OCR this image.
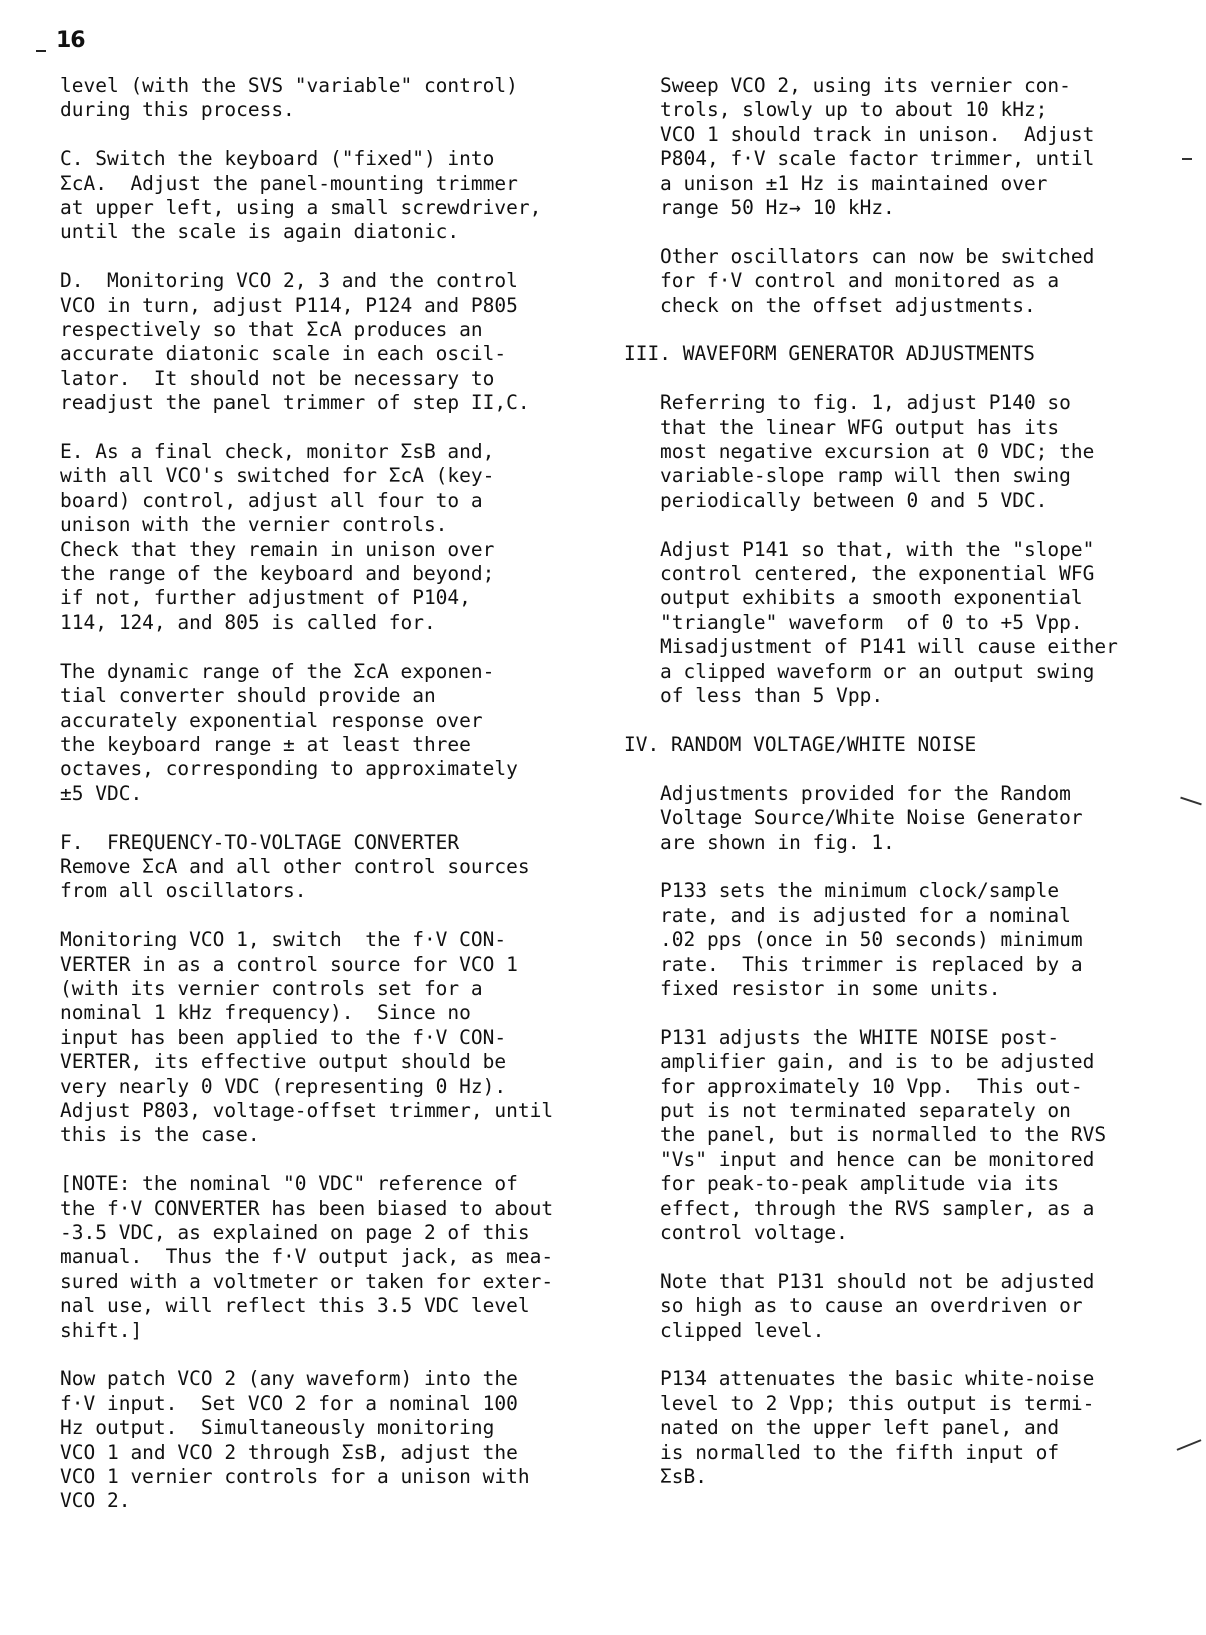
16

level (with the SVS "variable" control)
during this process.

C. Switch the keyboard ("fixed") into
ΣcA.  Adjust the panel-mounting trimmer
at upper left, using a small screwdriver,
until the scale is again diatonic.

D.  Monitoring VCO 2, 3 and the control
VCO in turn, adjust P114, P124 and P805
respectively so that ΣcA produces an
accurate diatonic scale in each oscil-
lator.  It should not be necessary to
readjust the panel trimmer of step II,C.

E. As a final check, monitor ΣsB and,
with all VCO's switched for ΣcA (key-
board) control, adjust all four to a
unison with the vernier controls.
Check that they remain in unison over
the range of the keyboard and beyond;
if not, further adjustment of P104,
114, 124, and 805 is called for.

The dynamic range of the ΣcA exponen-
tial converter should provide an
accurately exponential response over
the keyboard range ± at least three
octaves, corresponding to approximately
±5 VDC.

F.  FREQUENCY-TO-VOLTAGE CONVERTER
Remove ΣcA and all other control sources
from all oscillators.

Monitoring VCO 1, switch  the f·V CON-
VERTER in as a control source for VCO 1
(with its vernier controls set for a
nominal 1 kHz frequency).  Since no
input has been applied to the f·V CON-
VERTER, its effective output should be
very nearly 0 VDC (representing 0 Hz).
Adjust P803, voltage-offset trimmer, until
this is the case.

[NOTE: the nominal "0 VDC" reference of
the f·V CONVERTER has been biased to about
-3.5 VDC, as explained on page 2 of this
manual.  Thus the f·V output jack, as mea-
sured with a voltmeter or taken for exter-
nal use, will reflect this 3.5 VDC level
shift.]

Now patch VCO 2 (any waveform) into the
f·V input.  Set VCO 2 for a nominal 100
Hz output.  Simultaneously monitoring
VCO 1 and VCO 2 through ΣsB, adjust the
VCO 1 vernier controls for a unison with
VCO 2.

Sweep VCO 2, using its vernier con-
trols, slowly up to about 10 kHz;
VCO 1 should track in unison.  Adjust
P804, f·V scale factor trimmer, until
a unison ±1 Hz is maintained over
range 50 Hz→ 10 kHz.

Other oscillators can now be switched
for f·V control and monitored as a
check on the offset adjustments.

III. WAVEFORM GENERATOR ADJUSTMENTS

Referring to fig. 1, adjust P140 so
that the linear WFG output has its
most negative excursion at 0 VDC; the
variable-slope ramp will then swing
periodically between 0 and 5 VDC.

Adjust P141 so that, with the "slope"
control centered, the exponential WFG
output exhibits a smooth exponential
"triangle" waveform  of 0 to +5 Vpp.
Misadjustment of P141 will cause either
a clipped waveform or an output swing
of less than 5 Vpp.

IV. RANDOM VOLTAGE/WHITE NOISE

Adjustments provided for the Random
Voltage Source/White Noise Generator
are shown in fig. 1.

P133 sets the minimum clock/sample
rate, and is adjusted for a nominal
.02 pps (once in 50 seconds) minimum
rate.  This trimmer is replaced by a
fixed resistor in some units.

P131 adjusts the WHITE NOISE post-
amplifier gain, and is to be adjusted
for approximately 10 Vpp.  This out-
put is not terminated separately on
the panel, but is normalled to the RVS
"Vs" input and hence can be monitored
for peak-to-peak amplitude via its
effect, through the RVS sampler, as a
control voltage.

Note that P131 should not be adjusted
so high as to cause an overdriven or
clipped level.

P134 attenuates the basic white-noise
level to 2 Vpp; this output is termi-
nated on the upper left panel, and
is normalled to the fifth input of
ΣsB.
